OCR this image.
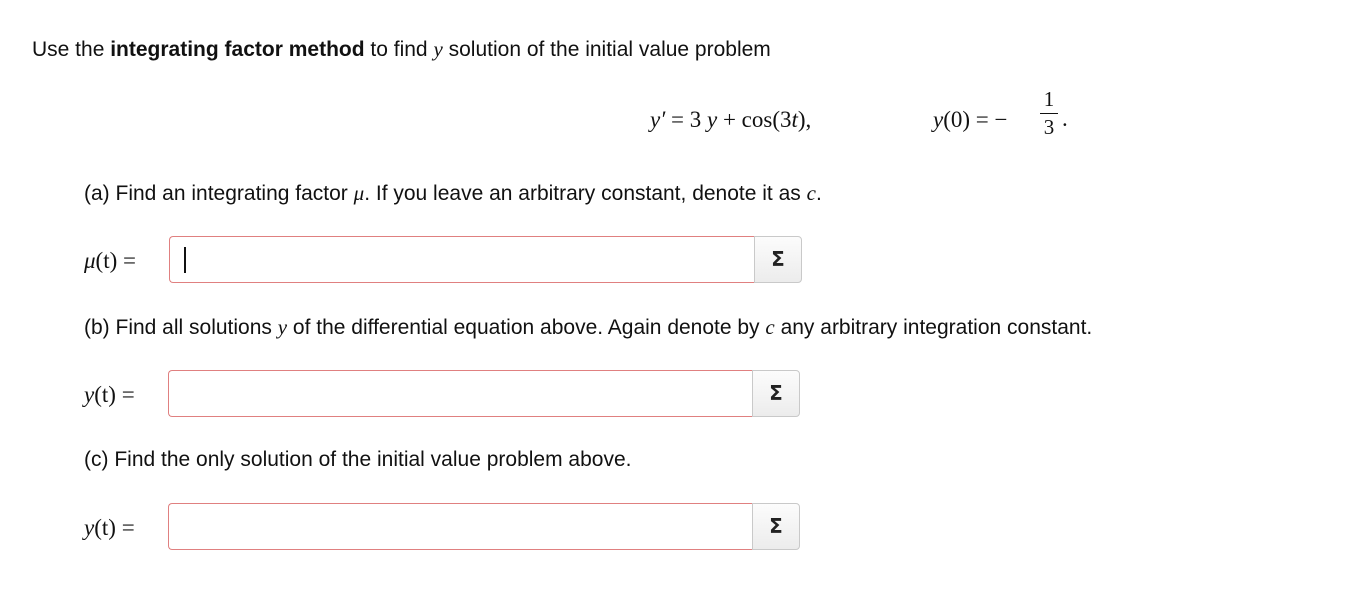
Use the integrating factor method to find y solution of the initial value problem
y′ = 3 y + cos(3t),	y(0) = −
1
3 .
(a) Find an integrating factor μ. If you leave an arbitrary constant, denote it as c.
μ(t) =	Σ
(b) Find all solutions y of the differential equation above. Again denote by c any arbitrary integration constant.
y(t) =	Σ
(c) Find the only solution of the initial value problem above.
y(t) =	Σ
